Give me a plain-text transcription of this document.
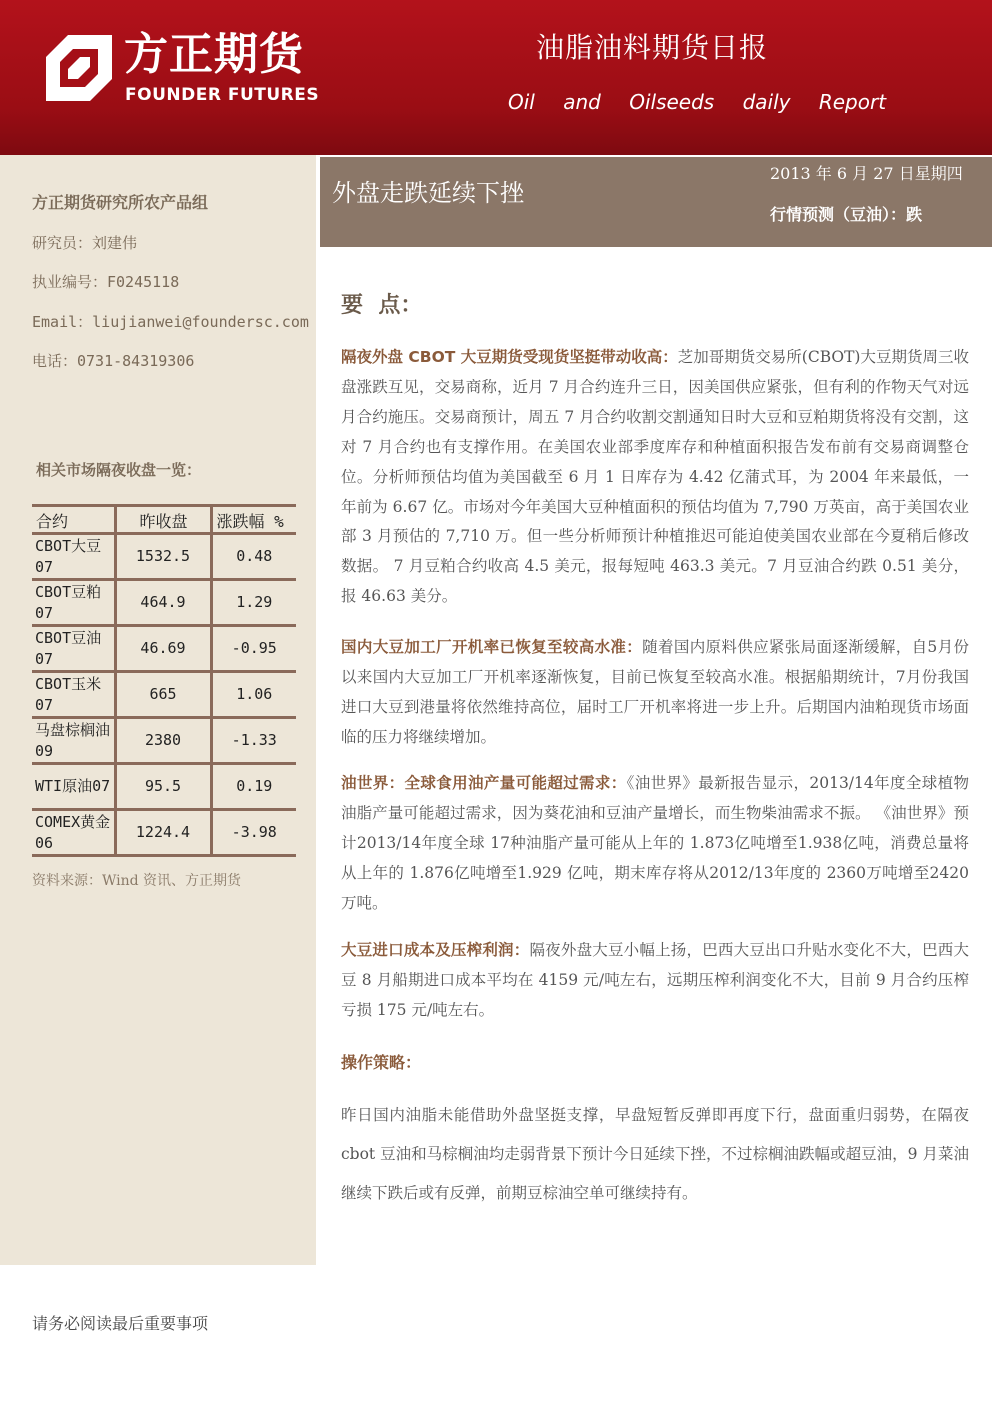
方正期货
FOUNDER FUTURES
油脂油料期货日报
Oil and Oilseeds daily Report
方正期货研究所农产品组
研究员：刘建伟
执业编号：F0245118
Email：liujianwei@foundersc.com
电话：0731-84319306
相关市场隔夜收盘一览：
合约	昨收盘	涨跌幅 %
CBOT大豆07	1532.5	0.48
CBOT豆粕07	464.9	1.29
CBOT豆油07	46.69	-0.95
CBOT玉米07	665	1.06
马盘棕榈油09	2380	-1.33
WTI原油07	95.5	0.19
COMEX黄金06	1224.4	-3.98
资料来源：Wind 资讯、方正期货
外盘走跌延续下挫
2013 年 6 月 27 日星期四
行情预测（豆油）：跌
要  点：
隔夜外盘 CBOT 大豆期货受现货坚挺带动收高：芝加哥期货交易所(CBOT)大豆期货周三收盘涨跌互见，交易商称，近月 7 月合约连升三日，因美国供应紧张，但有利的作物天气对远月合约施压。交易商预计，周五 7 月合约收割交割通知日时大豆和豆粕期货将没有交割，这对 7 月合约也有支撑作用。在美国农业部季度库存和种植面积报告发布前有交易商调整仓位。分析师预估均值为美国截至 6 月 1 日库存为 4.42 亿蒲式耳，为 2004 年来最低，一年前为 6.67 亿。市场对今年美国大豆种植面积的预估均值为 7,790 万英亩，高于美国农业部 3 月预估的 7,710 万。但一些分析师预计种植推迟可能迫使美国农业部在今夏稍后修改数据。 7 月豆粕合约收高 4.5 美元，报每短吨 463.3 美元。7 月豆油合约跌 0.51 美分，报 46.63 美分。
国内大豆加工厂开机率已恢复至较高水准：随着国内原料供应紧张局面逐渐缓解，自5月份以来国内大豆加工厂开机率逐渐恢复，目前已恢复至较高水准。根据船期统计，7月份我国进口大豆到港量将依然维持高位，届时工厂开机率将进一步上升。后期国内油粕现货市场面临的压力将继续增加。
油世界：全球食用油产量可能超过需求：《油世界》最新报告显示，2013/14年度全球植物油脂产量可能超过需求，因为葵花油和豆油产量增长，而生物柴油需求不振。 《油世界》预计2013/14年度全球 17种油脂产量可能从上年的 1.873亿吨增至1.938亿吨，消费总量将从上年的 1.876亿吨增至1.929 亿吨，期末库存将从2012/13年度的 2360万吨增至2420 万吨。
大豆进口成本及压榨利润：隔夜外盘大豆小幅上扬，巴西大豆出口升贴水变化不大，巴西大豆 8 月船期进口成本平均在 4159 元/吨左右，远期压榨利润变化不大，目前 9 月合约压榨亏损 175 元/吨左右。
操作策略：
昨日国内油脂未能借助外盘坚挺支撑，早盘短暂反弹即再度下行，盘面重归弱势，在隔夜 cbot 豆油和马棕榈油均走弱背景下预计今日延续下挫，不过棕榈油跌幅或超豆油，9 月菜油继续下跌后或有反弹，前期豆棕油空单可继续持有。
请务必阅读最后重要事项
